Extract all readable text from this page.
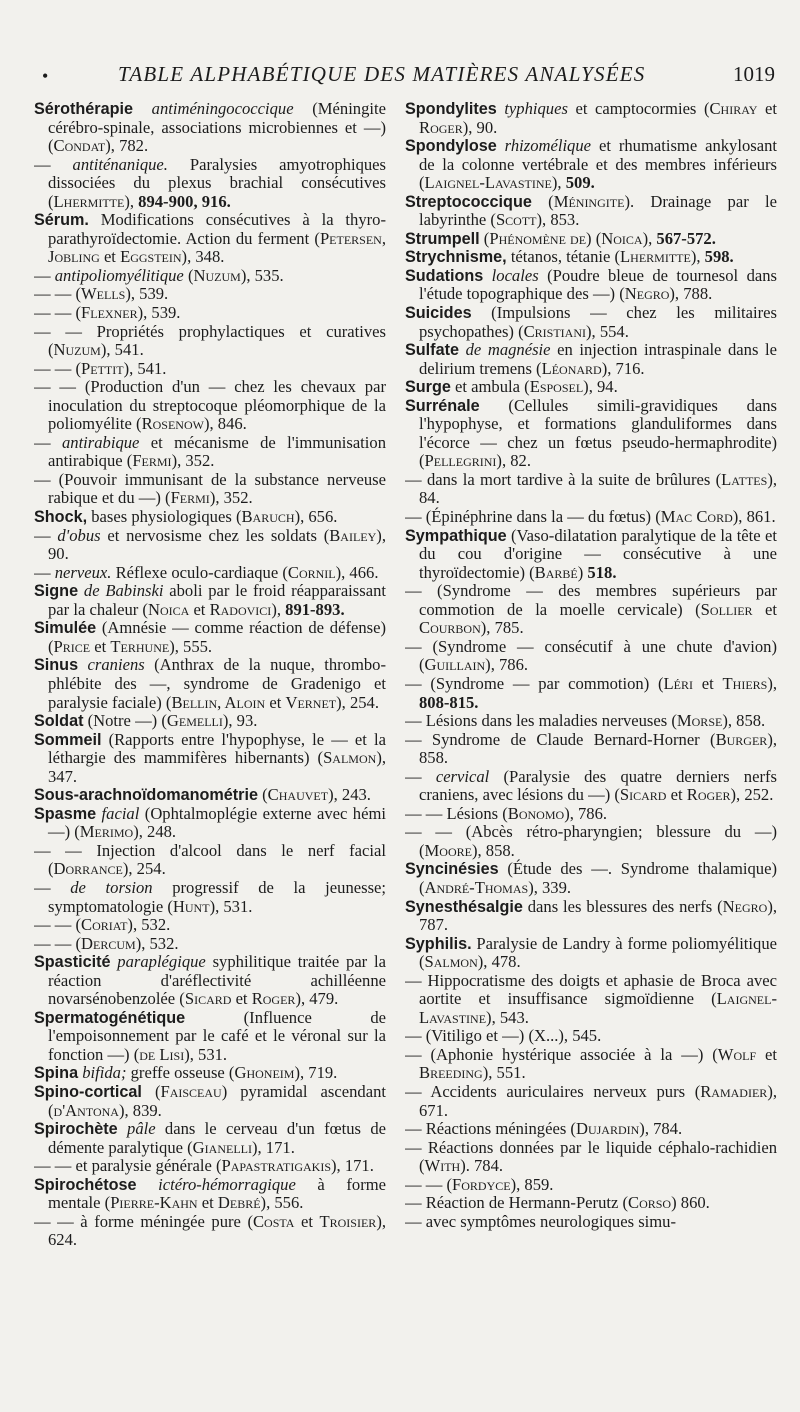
•	TABLE ALPHABÉTIQUE DES MATIÈRES ANALYSÉES	1019

Sérothérapie antiméningococcique (Méningite cérébro-spinale, associations microbiennes et —) (Condat), 782.

— antiténanique. Paralysies amyotrophiques dissociées du plexus brachial consécutives (Lhermitte), 894-900, 916.

Sérum. Modifications consécutives à la thyro-parathyroïdectomie. Action du ferment (Petersen, Jobling et Eggstein), 348.

— antipoliomyélitique (Nuzum), 535.

— — (Wells), 539.

— — (Flexner), 539.

— — Propriétés prophylactiques et curatives (Nuzum), 541.

— — (Pettit), 541.

— — (Production d'un — chez les chevaux par inoculation du streptocoque pléomorphique de la poliomyélite (Rosenow), 846.

— antirabique et mécanisme de l'immunisation antirabique (Fermi), 352.

— (Pouvoir immunisant de la substance nerveuse rabique et du —) (Fermi), 352.

Shock, bases physiologiques (Baruch), 656.

— d'obus et nervosisme chez les soldats (Bailey), 90.

— nerveux. Réflexe oculo-cardiaque (Cornil), 466.

Signe de Babinski aboli par le froid réapparaissant par la chaleur (Noica et Radovici), 891-893.

Simulée (Amnésie — comme réaction de défense) (Price et Terhune), 555.

Sinus craniens (Anthrax de la nuque, thrombo-phlébite des —, syndrome de Gradenigo et paralysie faciale) (Bellin, Aloin et Vernet), 254.

Soldat (Notre —) (Gemelli), 93.

Sommeil (Rapports entre l'hypophyse, le — et la léthargie des mammifères hibernants) (Salmon), 347.

Sous-arachnoïdomanométrie (Chauvet), 243.

Spasme facial (Ophtalmoplégie externe avec hémi —) (Merimo), 248.

— — Injection d'alcool dans le nerf facial (Dorrance), 254.

— de torsion progressif de la jeunesse; symptomatologie (Hunt), 531.

— — (Coriat), 532.

— — (Dercum), 532.

Spasticité paraplégique syphilitique traitée par la réaction d'aréflectivité achilléenne novarsénobenzolée (Sicard et Roger), 479.

Spermatogénétique (Influence de l'empoisonnement par le café et le véronal sur la fonction —) (de Lisi), 531.

Spina bifida; greffe osseuse (Ghoneim), 719.

Spino-cortical (Faisceau) pyramidal ascendant (d'Antona), 839.

Spirochète pâle dans le cerveau d'un fœtus de démente paralytique (Gianelli), 171.

— — et paralysie générale (Papastratigakis), 171.

Spirochétose ictéro-hémorragique à forme mentale (Pierre-Kahn et Debré), 556.

— — à forme méningée pure (Costa et Troisier), 624.

Spondylites typhiques et camptocormies (Chiray et Roger), 90.

Spondylose rhizomélique et rhumatisme ankylosant de la colonne vertébrale et des membres inférieurs (Laignel-Lavastine), 509.

Streptococcique (Méningite). Drainage par le labyrinthe (Scott), 853.

Strumpell (Phénomène de) (Noica), 567-572.

Strychnisme, tétanos, tétanie (Lhermitte), 598.

Sudations locales (Poudre bleue de tournesol dans l'étude topographique des —) (Negro), 788.

Suicides (Impulsions — chez les militaires psychopathes) (Cristiani), 554.

Sulfate de magnésie en injection intraspinale dans le delirium tremens (Léonard), 716.

Surge et ambula (Esposel), 94.

Surrénale (Cellules simili-gravidiques dans l'hypophyse, et formations glanduliformes dans l'écorce — chez un fœtus pseudo-hermaphrodite) (Pellegrini), 82.

— dans la mort tardive à la suite de brûlures (Lattes), 84.

— (Épinéphrine dans la — du fœtus) (Mac Cord), 861.

Sympathique (Vaso-dilatation paralytique de la tête et du cou d'origine — consécutive à une thyroïdectomie) (Barbé) 518.

— (Syndrome — des membres supérieurs par commotion de la moelle cervicale) (Sollier et Courbon), 785.

— (Syndrome — consécutif à une chute d'avion) (Guillain), 786.

— (Syndrome — par commotion) (Léri et Thiers), 808-815.

— Lésions dans les maladies nerveuses (Morse), 858.

— Syndrome de Claude Bernard-Horner (Burger), 858.

— cervical (Paralysie des quatre derniers nerfs craniens, avec lésions du —) (Sicard et Roger), 252.

— — Lésions (Bonomo), 786.

— — (Abcès rétro-pharyngien; blessure du —) (Moore), 858.

Syncinésies (Étude des —. Syndrome thalamique) (André-Thomas), 339.

Synesthésalgie dans les blessures des nerfs (Negro), 787.

Syphilis. Paralysie de Landry à forme poliomyélitique (Salmon), 478.

— Hippocratisme des doigts et aphasie de Broca avec aortite et insuffisance sigmoïdienne (Laignel-Lavastine), 543.

— (Vitiligo et —) (X...), 545.

— (Aphonie hystérique associée à la —) (Wolf et Breeding), 551.

— Accidents auriculaires nerveux purs (Ramadier), 671.

— Réactions méningées (Dujardin), 784.

— Réactions données par le liquide céphalo-rachidien (With). 784.

— — (Fordyce), 859.

— Réaction de Hermann-Perutz (Corso) 860.

— avec symptômes neurologiques simu-
